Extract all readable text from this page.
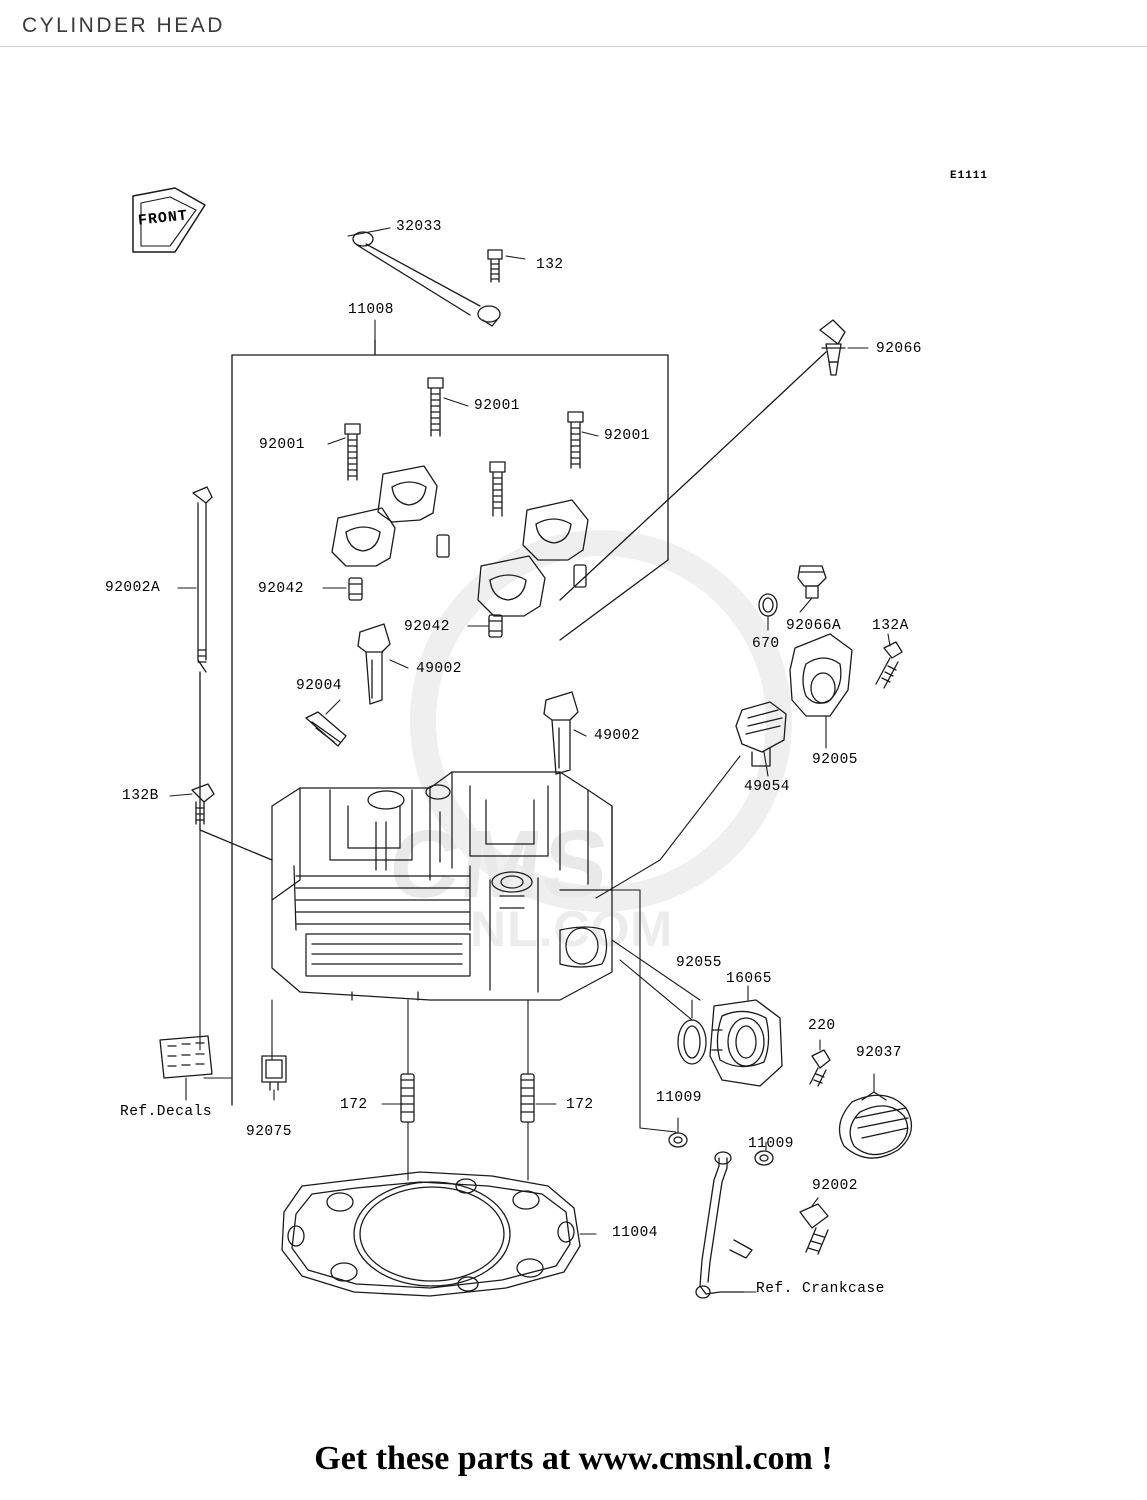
CYLINDER HEAD
E1111
CMS
NL.COM
FRONT	32033
132
11008
92066
92001
92001
92001
92002A	92042
92042
49002
49002
92004
670
92066A 132A
92005
49054
132B
Ref.Decals
92075
172	172	11009
11009
92055
16065
220
92037
92002
11004
Ref. Crankcase
Get these parts at www.cmsnl.com !
